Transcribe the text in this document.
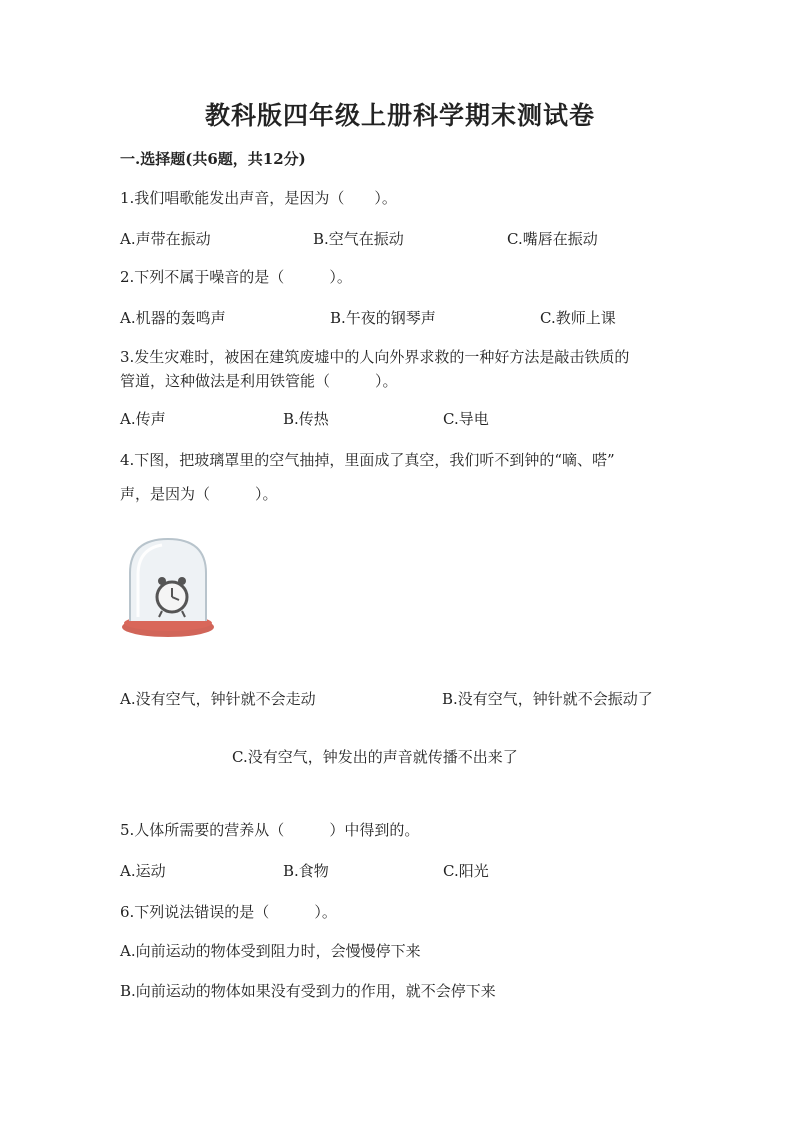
教科版四年级上册科学期末测试卷
一.选择题(共6题，共12分)
1.我们唱歌能发出声音，是因为（　　）。
A.声带在振动	B.空气在振动	C.嘴唇在振动
2.下列不属于噪音的是（　　　）。
A.机器的轰鸣声	B.午夜的钢琴声	C.教师上课
3.发生灾难时，被困在建筑废墟中的人向外界求救的一种好方法是敲击铁质的
管道，这种做法是利用铁管能（　　　）。
A.传声	B.传热	C.导电
4.下图，把玻璃罩里的空气抽掉，里面成了真空，我们听不到钟的“嘀、嗒”
声，是因为（　　　）。
A.没有空气，钟针就不会走动	B.没有空气，钟针就不会振动了
C.没有空气，钟发出的声音就传播不出来了
5.人体所需要的营养从（　　　）中得到的。
A.运动	B.食物	C.阳光
6.下列说法错误的是（　　　）。
A.向前运动的物体受到阻力时，会慢慢停下来
B.向前运动的物体如果没有受到力的作用，就不会停下来
